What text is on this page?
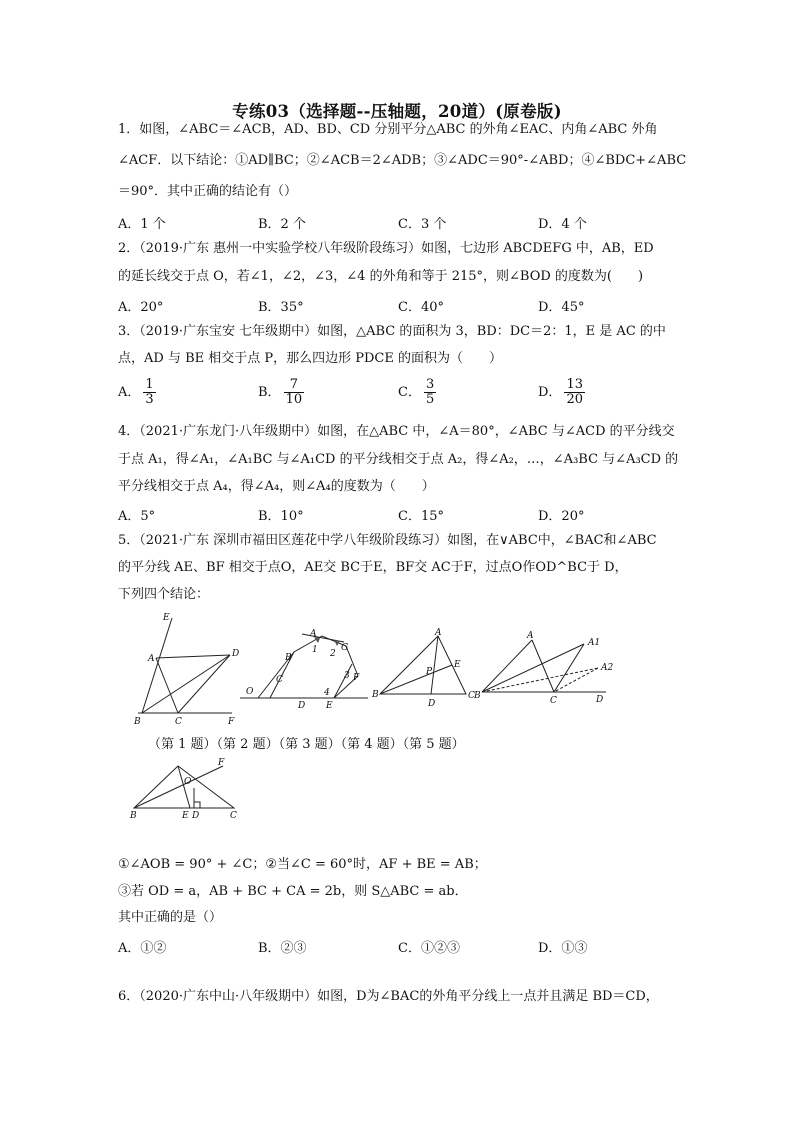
专练03（选择题--压轴题，20道）(原卷版)
1．如图，∠ABC＝∠ACB，AD、BD、CD 分别平分△ABC 的外角∠EAC、内角∠ABC 外角
∠ACF．以下结论：①AD∥BC；②∠ACB＝2∠ADB；③∠ADC＝90°-∠ABD；④∠BDC+∠ABC
＝90°．其中正确的结论有（）
A．1 个	B．2 个	C．3 个	D．4 个
2．（2019·广东 惠州一中实验学校八年级阶段练习）如图，七边形 ABCDEFG 中，AB，ED
的延长线交于点 O，若∠1，∠2，∠3，∠4 的外角和等于 215°，则∠BOD 的度数为(　　)
A．20°	B．35°	C．40°	D．45°
3．（2019·广东宝安 七年级期中）如图，△ABC 的面积为 3，BD：DC＝2：1，E 是 AC 的中
点，AD 与 BE 相交于点 P，那么四边形 PDCE 的面积为（　　）
A． $\frac{1}{3}$	B． $\frac{7}{10}$	C． $\frac{3}{5}$	D． $\frac{13}{20}$
4．（2021·广东龙门·八年级期中）如图，在△ABC 中，∠A＝80°，∠ABC 与∠ACD 的平分线交
于点 A₁，得∠A₁，∠A₁BC 与∠A₁CD 的平分线相交于点 A₂，得∠A₂，…，∠A₃BC 与∠A₃CD 的
平分线相交于点 A₄，得∠A₄，则∠A₄的度数为（　　）
A．5°	B．10°	C．15°	D．20°
5．（2021·广东 深圳市福田区莲花中学八年级阶段练习）如图，在∨ABC中，∠BAC和∠ABC
的平分线 AE、BF 相交于点O，AE交 BC于E，BF交 AC于F，过点O作OD^BC于 D，
下列四个结论：
E
A	D
B	C	F
A
G
B
1 2
C	3 F
O
D
4
E
A
P
E
B
D
C
A
A1
A2
B	C	D
（第 1 题）（第 2 题）（第 3 题）（第 4 题）（第 5 题）
F
O
B	E D	C
①∠AOB = 90° + ∠C；②当∠C = 60°时，AF + BE = AB；
③若 OD = a，AB + BC + CA = 2b，则 S△ABC = ab．
其中正确的是（）
A．①②	B．②③	C．①②③	D．①③
6．（2020·广东中山·八年级期中）如图，D为∠BAC的外角平分线上一点并且满足 BD＝CD，
